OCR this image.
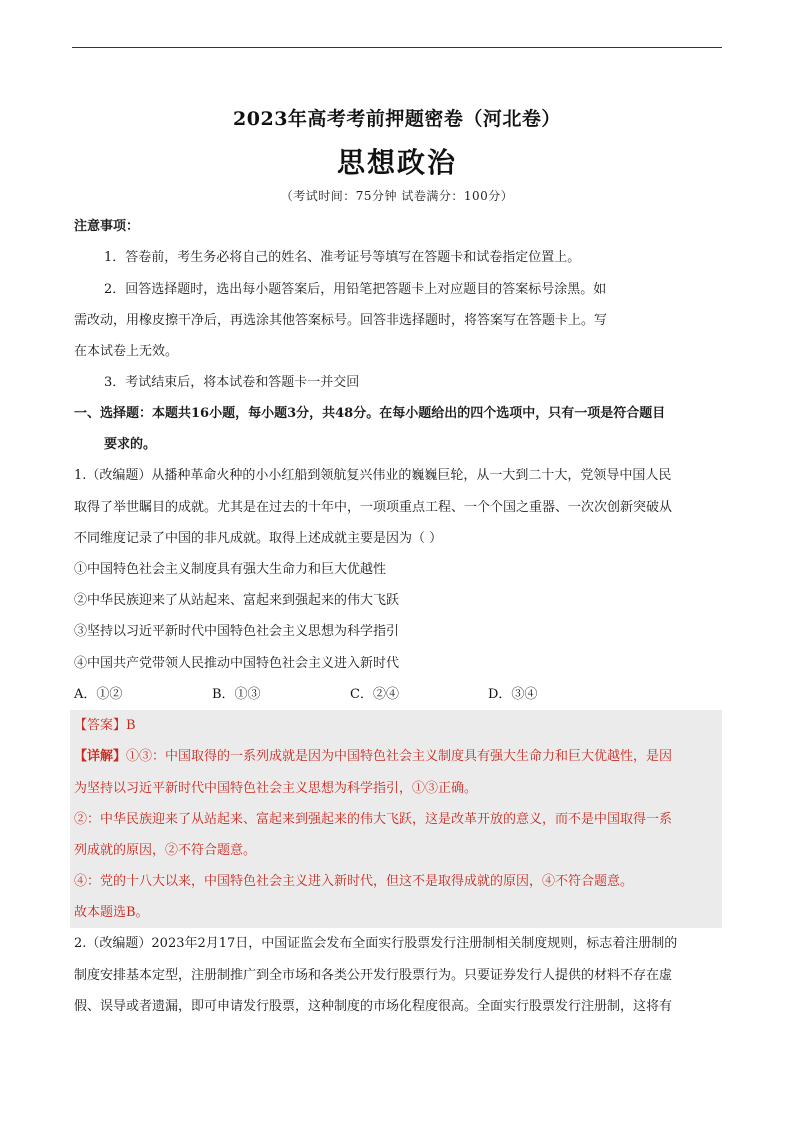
2023年高考考前押题密卷（河北卷）
思想政治
（考试时间：75分钟 试卷满分：100分）
注意事项：
1．答卷前，考生务必将自己的姓名、准考证号等填写在答题卡和试卷指定位置上。
2．回答选择题时，选出每小题答案后，用铅笔把答题卡上对应题目的答案标号涂黑。如
需改动，用橡皮擦干净后，再选涂其他答案标号。回答非选择题时，将答案写在答题卡上。写
在本试卷上无效。
3．考试结束后，将本试卷和答题卡一并交回
一、选择题：本题共16小题，每小题3分，共48分。在每小题给出的四个选项中，只有一项是符合题目
要求的。
1.（改编题）从播种革命火种的小小红船到领航复兴伟业的巍巍巨轮，从一大到二十大，党领导中国人民
取得了举世瞩目的成就。尤其是在过去的十年中，一项项重点工程、一个个国之重器、一次次创新突破从
不同维度记录了中国的非凡成就。取得上述成就主要是因为（ ）
①中国特色社会主义制度具有强大生命力和巨大优越性
②中华民族迎来了从站起来、富起来到强起来的伟大飞跃
③坚持以习近平新时代中国特色社会主义思想为科学指引
④中国共产党带领人民推动中国特色社会主义进入新时代
A．①②	B．①③	C．②④	D．③④
【答案】B
【详解】①③：中国取得的一系列成就是因为中国特色社会主义制度具有强大生命力和巨大优越性，是因
为坚持以习近平新时代中国特色社会主义思想为科学指引，①③正确。
②：中华民族迎来了从站起来、富起来到强起来的伟大飞跃，这是改革开放的意义，而不是中国取得一系
列成就的原因，②不符合题意。
④：党的十八大以来，中国特色社会主义进入新时代，但这不是取得成就的原因，④不符合题意。
故本题选B。
2.（改编题）2023年2月17日，中国证监会发布全面实行股票发行注册制相关制度规则，标志着注册制的
制度安排基本定型，注册制推广到全市场和各类公开发行股票行为。只要证券发行人提供的材料不存在虚
假、误导或者遗漏，即可申请发行股票，这种制度的市场化程度很高。全面实行股票发行注册制，这将有
